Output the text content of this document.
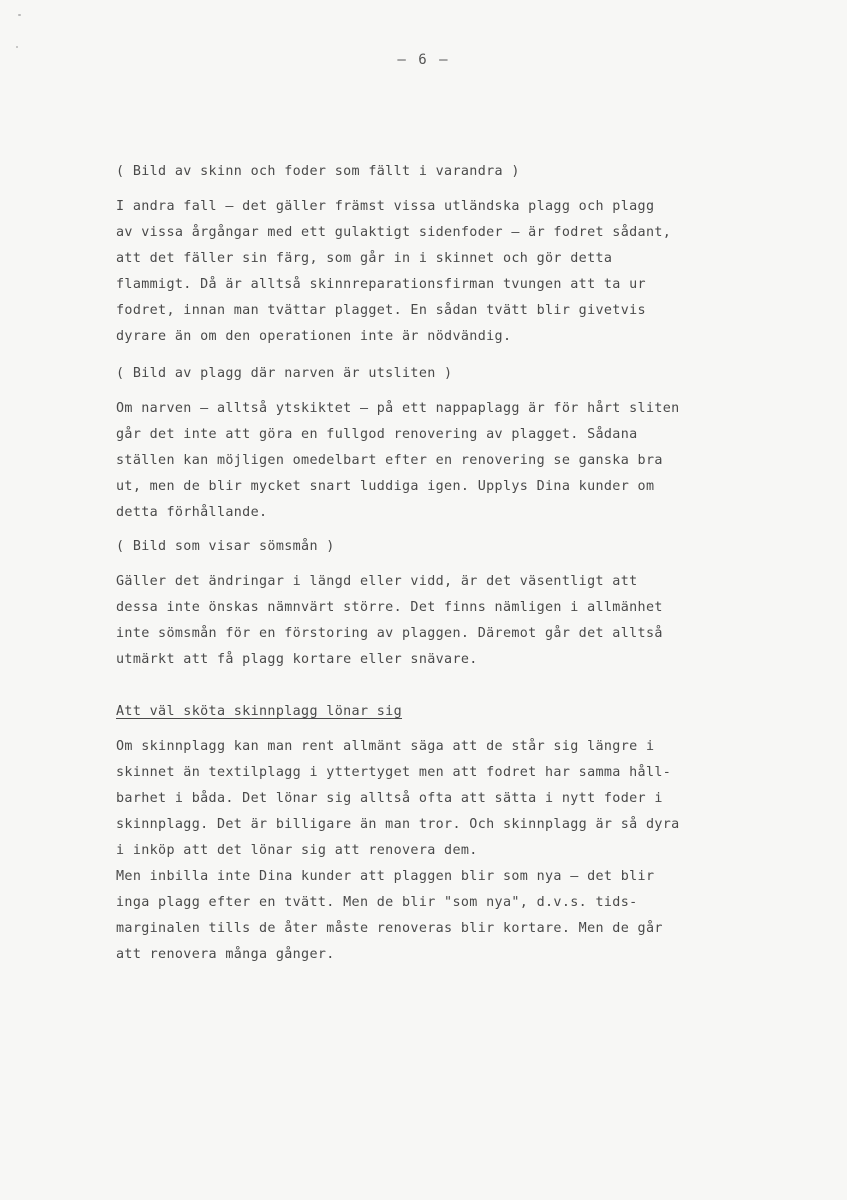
– 6 –
( Bild av skinn och foder som fällt i varandra )
I andra fall – det gäller främst vissa utländska plagg och plagg
av vissa årgångar med ett gulaktigt sidenfoder – är fodret sådant,
att det fäller sin färg, som går in i skinnet och gör detta
flammigt. Då är alltså skinnreparationsfirman tvungen att ta ur
fodret, innan man tvättar plagget. En sådan tvätt blir givetvis
dyrare än om den operationen inte är nödvändig.
( Bild av plagg där narven är utsliten )
Om narven – alltså ytskiktet – på ett nappaplagg är för hårt sliten
går det inte att göra en fullgod renovering av plagget. Sådana
ställen kan möjligen omedelbart efter en renovering se ganska bra
ut, men de blir mycket snart luddiga igen. Upplys Dina kunder om
detta förhållande.
( Bild som visar sömsmån )
Gäller det ändringar i längd eller vidd, är det väsentligt att
dessa inte önskas nämnvärt större. Det finns nämligen i allmänhet
inte sömsmån för en förstoring av plaggen. Däremot går det alltså
utmärkt att få plagg kortare eller snävare.
Att väl sköta skinnplagg lönar sig
Om skinnplagg kan man rent allmänt säga att de står sig längre i
skinnet än textilplagg i yttertyget men att fodret har samma håll-
barhet i båda. Det lönar sig alltså ofta att sätta i nytt foder i
skinnplagg. Det är billigare än man tror. Och skinnplagg är så dyra
i inköp att det lönar sig att renovera dem.
Men inbilla inte Dina kunder att plaggen blir som nya – det blir
inga plagg efter en tvätt. Men de blir "som nya", d.v.s. tids-
marginalen tills de åter måste renoveras blir kortare. Men de går
att renovera många gånger.
